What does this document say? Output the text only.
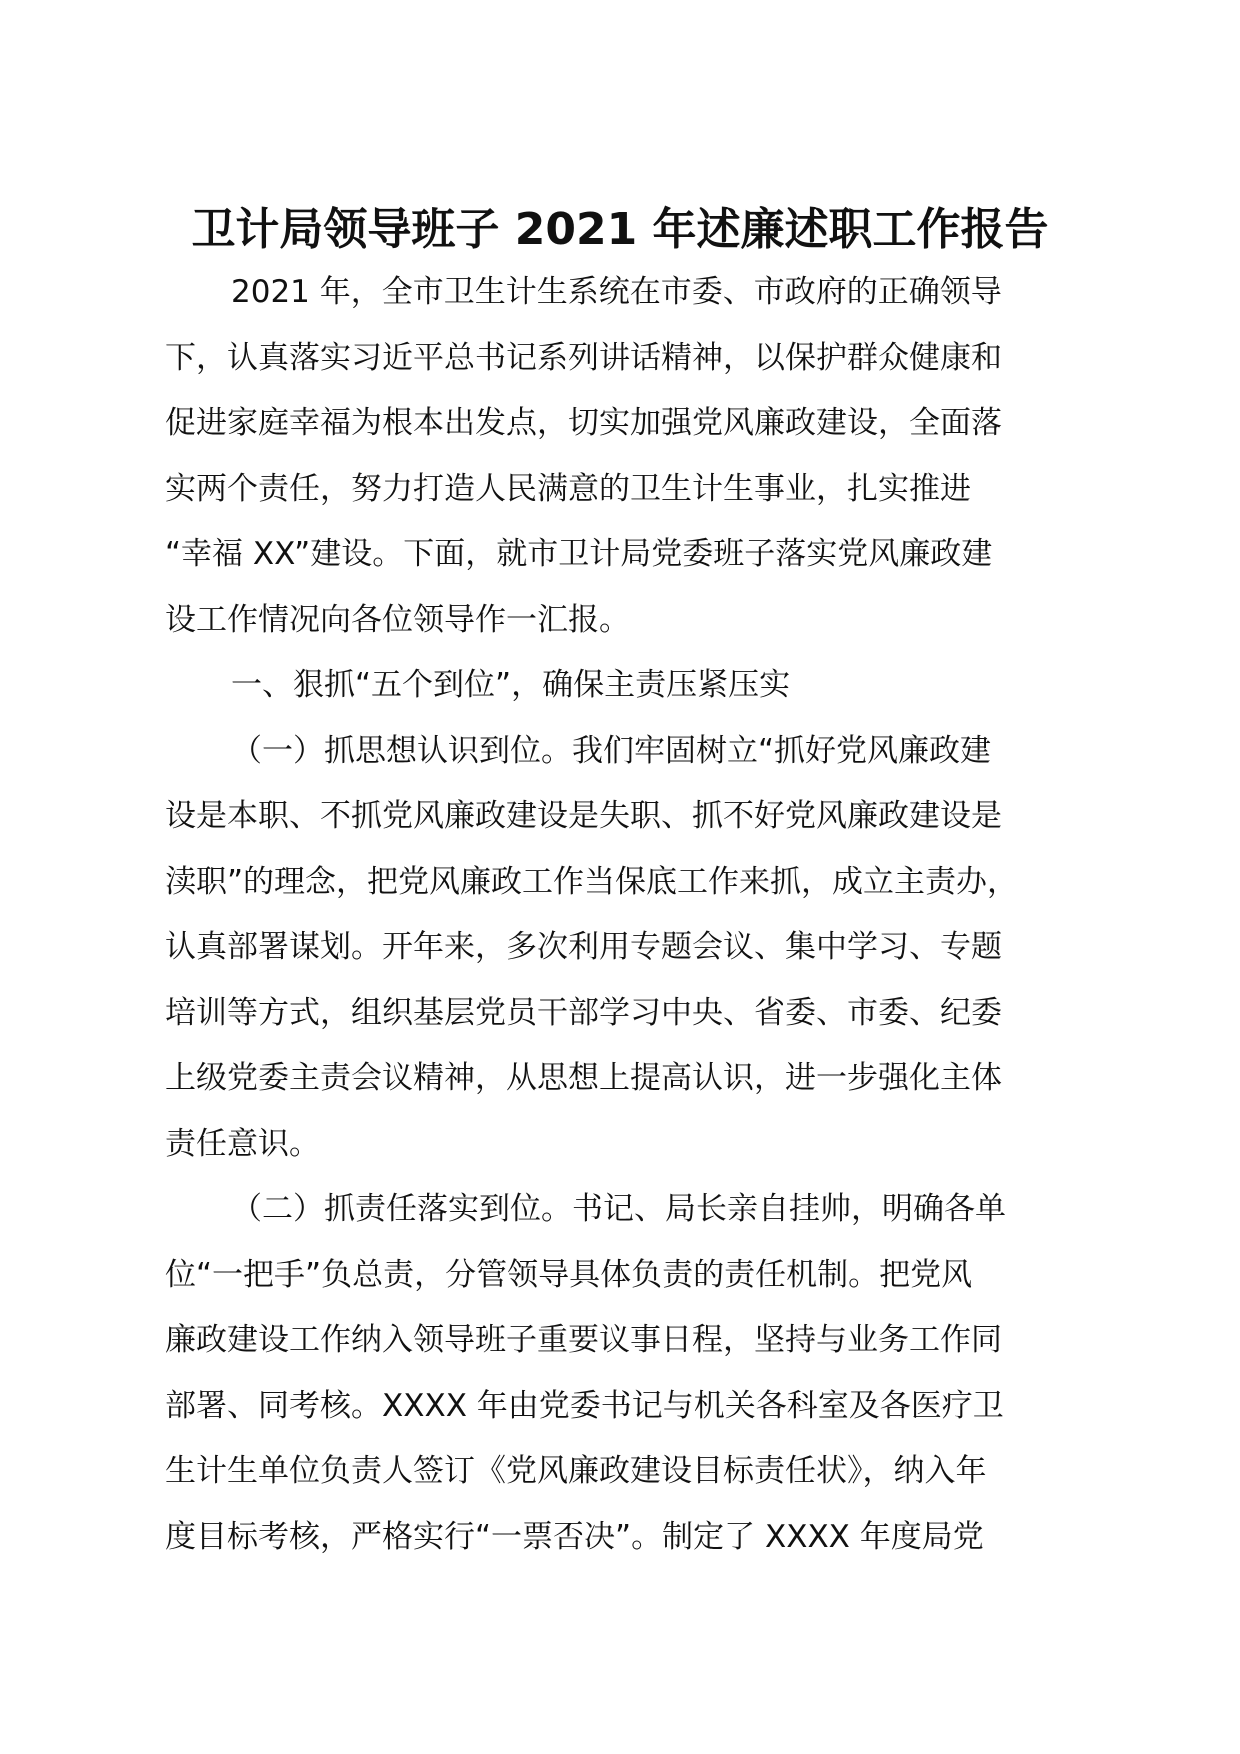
卫计局领导班子 2021 年述廉述职工作报告
2021 年，全市卫生计生系统在市委、市政府的正确领导
下，认真落实习近平总书记系列讲话精神，以保护群众健康和
促进家庭幸福为根本出发点，切实加强党风廉政建设，全面落
实两个责任，努力打造人民满意的卫生计生事业，扎实推进
“幸福 XX”建设。下面，就市卫计局党委班子落实党风廉政建
设工作情况向各位领导作一汇报。
一、狠抓“五个到位”，确保主责压紧压实
（一）抓思想认识到位。我们牢固树立“抓好党风廉政建
设是本职、不抓党风廉政建设是失职、抓不好党风廉政建设是
渎职”的理念，把党风廉政工作当保底工作来抓，成立主责办，
认真部署谋划。开年来，多次利用专题会议、集中学习、专题
培训等方式，组织基层党员干部学习中央、省委、市委、纪委
上级党委主责会议精神，从思想上提高认识，进一步强化主体
责任意识。
（二）抓责任落实到位。书记、局长亲自挂帅，明确各单
位“一把手”负总责，分管领导具体负责的责任机制。把党风
廉政建设工作纳入领导班子重要议事日程，坚持与业务工作同
部署、同考核。XXXX 年由党委书记与机关各科室及各医疗卫
生计生单位负责人签订《党风廉政建设目标责任状》，纳入年
度目标考核，严格实行“一票否决”。制定了 XXXX 年度局党
